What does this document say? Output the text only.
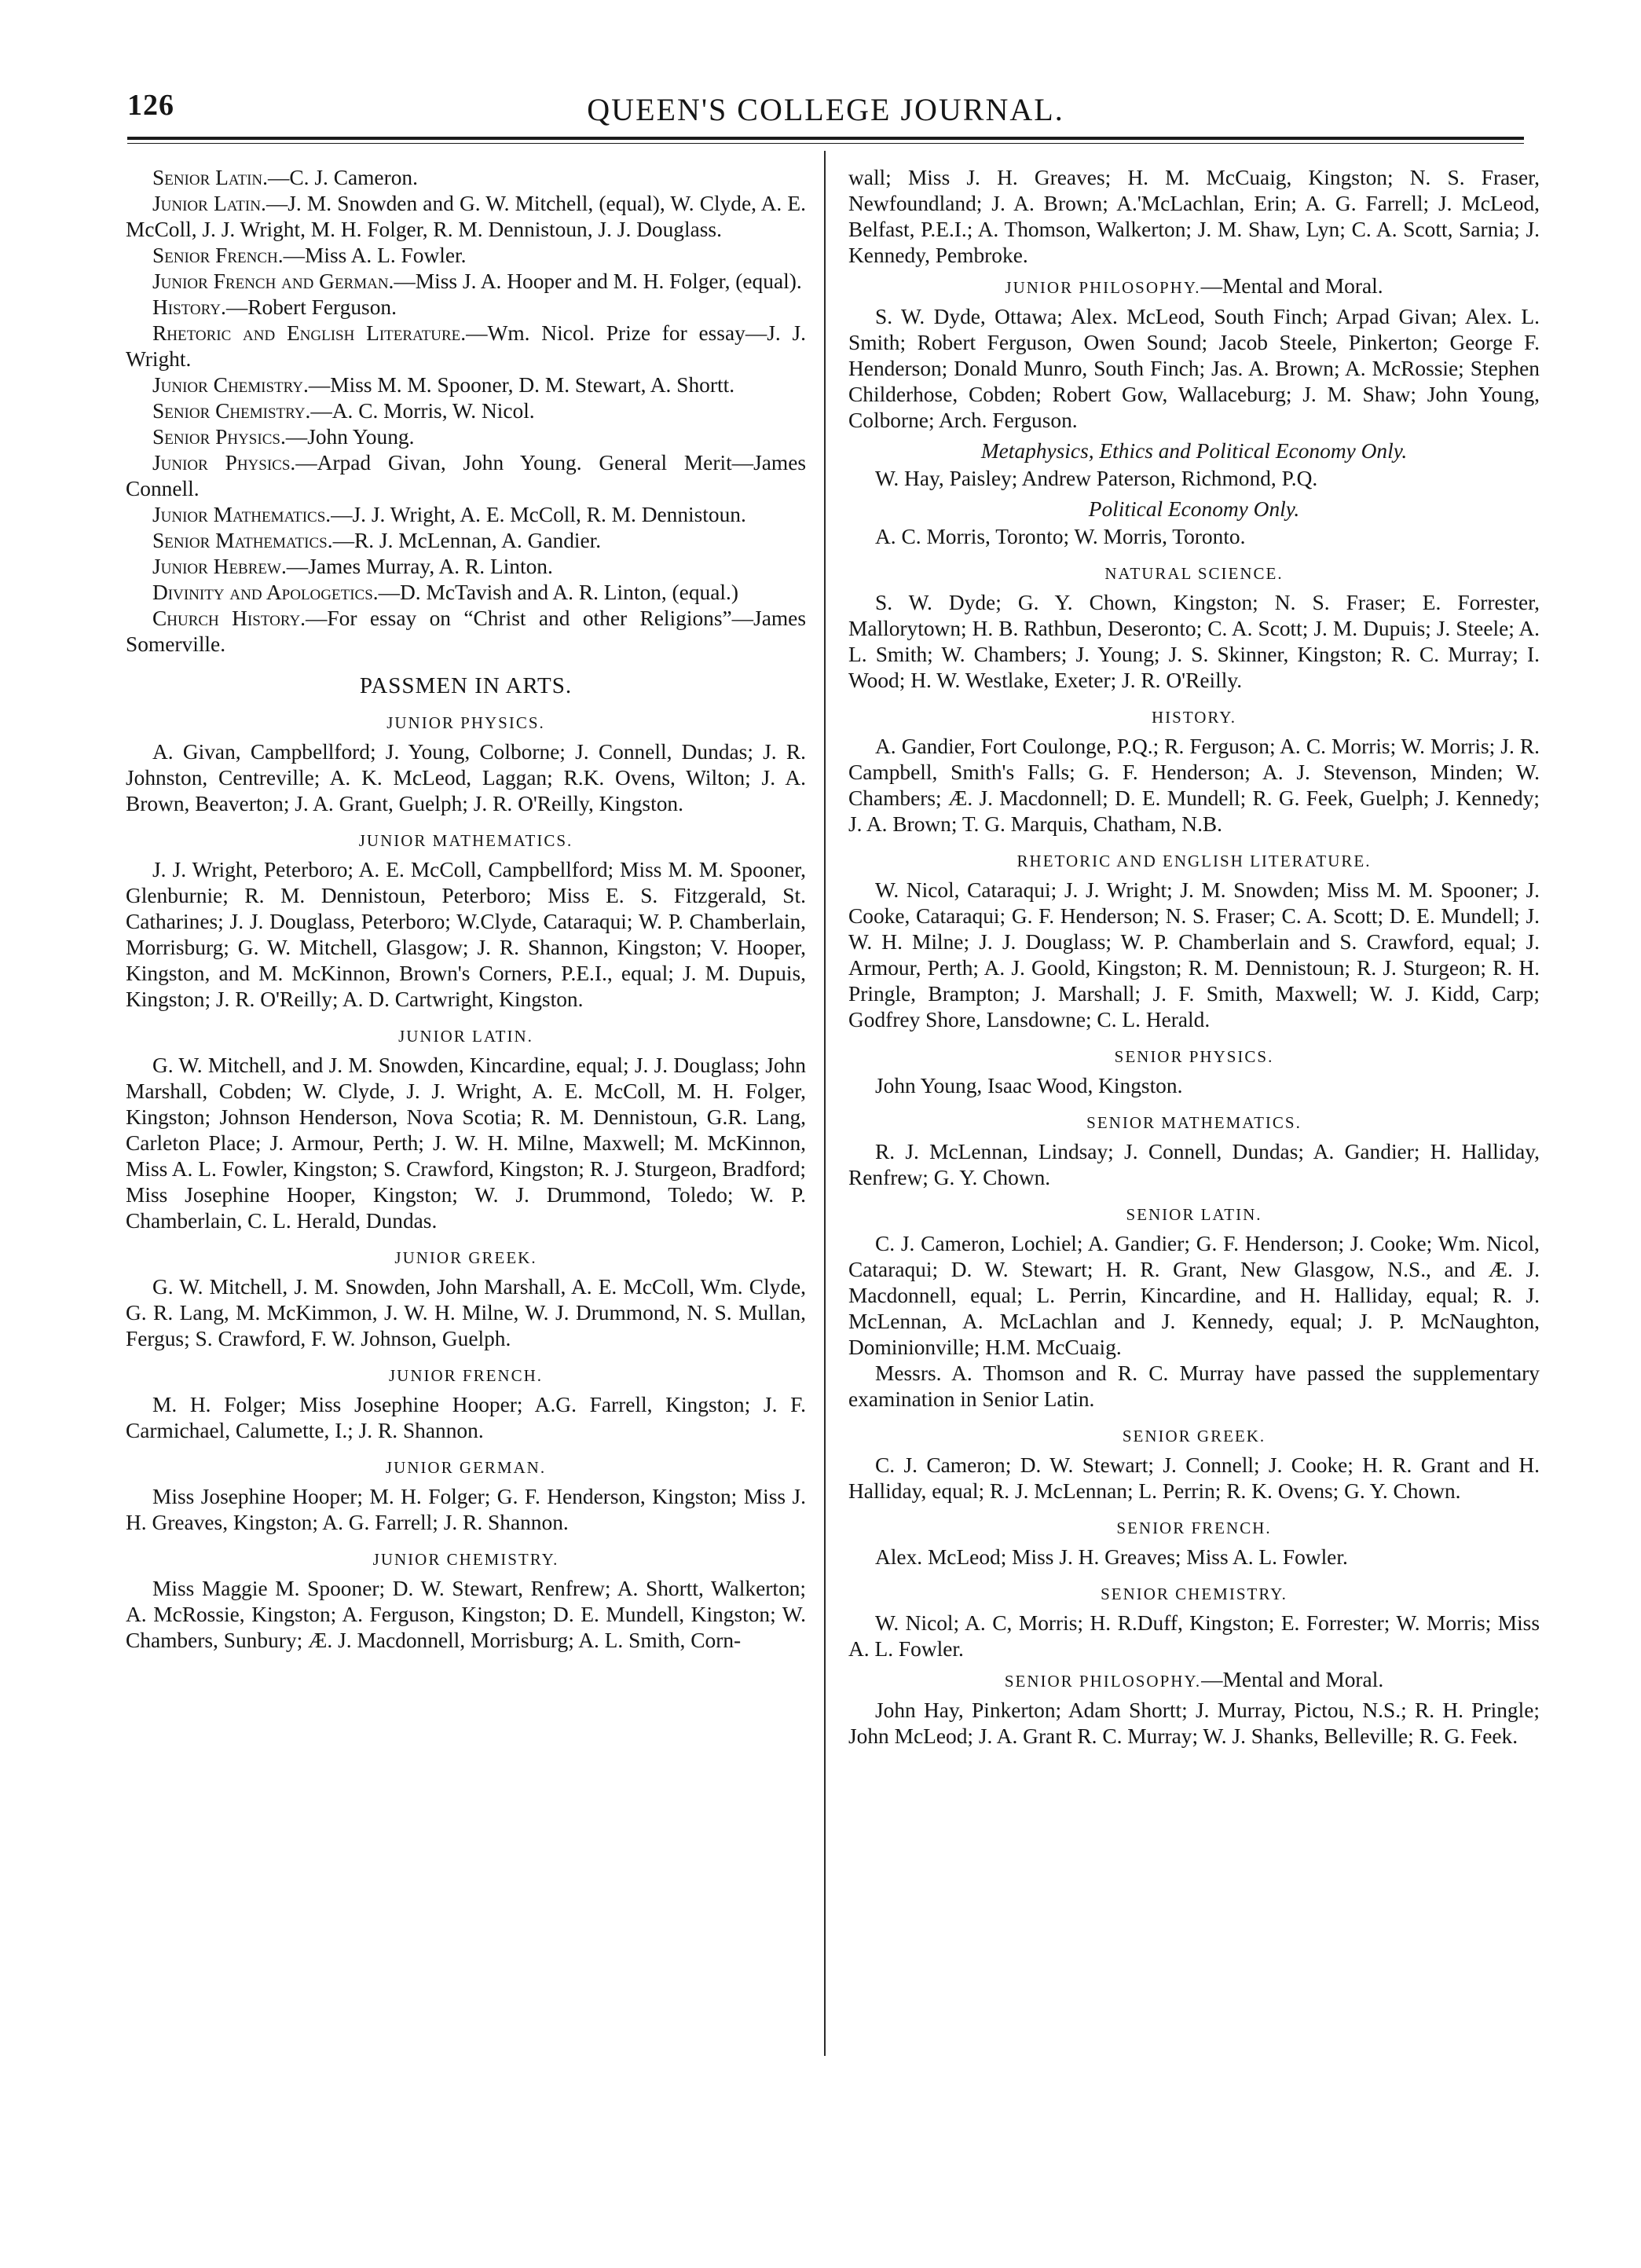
126	QUEEN'S COLLEGE JOURNAL.

Senior Latin.—C. J. Cameron.

Junior Latin.—J. M. Snowden and G. W. Mitchell, (equal), W. Clyde, A. E. McColl, J. J. Wright, M. H. Folger, R. M. Dennistoun, J. J. Douglass.

Senior French.—Miss A. L. Fowler.

Junior French and German.—Miss J. A. Hooper and M. H. Folger, (equal).

History.—Robert Ferguson.

Rhetoric and English Literature.—Wm. Nicol. Prize for essay—J. J. Wright.

Junior Chemistry.—Miss M. M. Spooner, D. M. Stewart, A. Shortt.

Senior Chemistry.—A. C. Morris, W. Nicol.

Senior Physics.—John Young.

Junior Physics.—Arpad Givan, John Young. General Merit—James Connell.

Junior Mathematics.—J. J. Wright, A. E. McColl, R. M. Dennistoun.

Senior Mathematics.—R. J. McLennan, A. Gandier.

Junior Hebrew.—James Murray, A. R. Linton.

Divinity and Apologetics.—D. McTavish and A. R. Linton, (equal.)

Church History.—For essay on “Christ and other Religions”—James Somerville.

PASSMEN IN ARTS.
JUNIOR PHYSICS.

A. Givan, Campbellford; J. Young, Colborne; J. Connell, Dundas; J. R. Johnston, Centreville; A. K. McLeod, Laggan; R.K. Ovens, Wilton; J. A. Brown, Beaverton; J. A. Grant, Guelph; J. R. O'Reilly, Kingston.

JUNIOR MATHEMATICS.

J. J. Wright, Peterboro; A. E. McColl, Campbellford; Miss M. M. Spooner, Glenburnie; R. M. Dennistoun, Peterboro; Miss E. S. Fitzgerald, St. Catharines; J. J. Douglass, Peterboro; W.Clyde, Cataraqui; W. P. Chamberlain, Morrisburg; G. W. Mitchell, Glasgow; J. R. Shannon, Kingston; V. Hooper, Kingston, and M. McKinnon, Brown's Corners, P.E.I., equal; J. M. Dupuis, Kingston; J. R. O'Reilly; A. D. Cartwright, Kingston.

JUNIOR LATIN.

G. W. Mitchell, and J. M. Snowden, Kincardine, equal; J. J. Douglass; John Marshall, Cobden; W. Clyde, J. J. Wright, A. E. McColl, M. H. Folger, Kingston; Johnson Henderson, Nova Scotia; R. M. Dennistoun, G.R. Lang, Carleton Place; J. Armour, Perth; J. W. H. Milne, Maxwell; M. McKinnon, Miss A. L. Fowler, Kingston; S. Crawford, Kingston; R. J. Sturgeon, Bradford; Miss Josephine Hooper, Kingston; W. J. Drummond, Toledo; W. P. Chamberlain, C. L. Herald, Dundas.

JUNIOR GREEK.

G. W. Mitchell, J. M. Snowden, John Marshall, A. E. McColl, Wm. Clyde, G. R. Lang, M. McKimmon, J. W. H. Milne, W. J. Drummond, N. S. Mullan, Fergus; S. Crawford, F. W. Johnson, Guelph.

JUNIOR FRENCH.

M. H. Folger; Miss Josephine Hooper; A.G. Farrell, Kingston; J. F. Carmichael, Calumette, I.; J. R. Shannon.

JUNIOR GERMAN.

Miss Josephine Hooper; M. H. Folger; G. F. Henderson, Kingston; Miss J. H. Greaves, Kingston; A. G. Farrell; J. R. Shannon.

JUNIOR CHEMISTRY.

Miss Maggie M. Spooner; D. W. Stewart, Renfrew; A. Shortt, Walkerton; A. McRossie, Kingston; A. Ferguson, Kingston; D. E. Mundell, Kingston; W. Chambers, Sunbury; Æ. J. Macdonnell, Morrisburg; A. L. Smith, Corn-

wall; Miss J. H. Greaves; H. M. McCuaig, Kingston; N. S. Fraser, Newfoundland; J. A. Brown; A.'McLachlan, Erin; A. G. Farrell; J. McLeod, Belfast, P.E.I.; A. Thomson, Walkerton; J. M. Shaw, Lyn; C. A. Scott, Sarnia; J. Kennedy, Pembroke.

JUNIOR PHILOSOPHY.—Mental and Moral.

S. W. Dyde, Ottawa; Alex. McLeod, South Finch; Arpad Givan; Alex. L. Smith; Robert Ferguson, Owen Sound; Jacob Steele, Pinkerton; George F. Henderson; Donald Munro, South Finch; Jas. A. Brown; A. McRossie; Stephen Childerhose, Cobden; Robert Gow, Wallaceburg; J. M. Shaw; John Young, Colborne; Arch. Ferguson.

Metaphysics, Ethics and Political Economy Only.

W. Hay, Paisley; Andrew Paterson, Richmond, P.Q.

Political Economy Only.

A. C. Morris, Toronto; W. Morris, Toronto.

NATURAL SCIENCE.

S. W. Dyde; G. Y. Chown, Kingston; N. S. Fraser; E. Forrester, Mallorytown; H. B. Rathbun, Deseronto; C. A. Scott; J. M. Dupuis; J. Steele; A. L. Smith; W. Chambers; J. Young; J. S. Skinner, Kingston; R. C. Murray; I. Wood; H. W. Westlake, Exeter; J. R. O'Reilly.

HISTORY.

A. Gandier, Fort Coulonge, P.Q.; R. Ferguson; A. C. Morris; W. Morris; J. R. Campbell, Smith's Falls; G. F. Henderson; A. J. Stevenson, Minden; W. Chambers; Æ. J. Macdonnell; D. E. Mundell; R. G. Feek, Guelph; J. Kennedy; J. A. Brown; T. G. Marquis, Chatham, N.B.

RHETORIC AND ENGLISH LITERATURE.

W. Nicol, Cataraqui; J. J. Wright; J. M. Snowden; Miss M. M. Spooner; J. Cooke, Cataraqui; G. F. Henderson; N. S. Fraser; C. A. Scott; D. E. Mundell; J. W. H. Milne; J. J. Douglass; W. P. Chamberlain and S. Crawford, equal; J. Armour, Perth; A. J. Goold, Kingston; R. M. Dennistoun; R. J. Sturgeon; R. H. Pringle, Brampton; J. Marshall; J. F. Smith, Maxwell; W. J. Kidd, Carp; Godfrey Shore, Lansdowne; C. L. Herald.

SENIOR PHYSICS.

John Young, Isaac Wood, Kingston.

SENIOR MATHEMATICS.

R. J. McLennan, Lindsay; J. Connell, Dundas; A. Gandier; H. Halliday, Renfrew; G. Y. Chown.

SENIOR LATIN.

C. J. Cameron, Lochiel; A. Gandier; G. F. Henderson; J. Cooke; Wm. Nicol, Cataraqui; D. W. Stewart; H. R. Grant, New Glasgow, N.S., and Æ. J. Macdonnell, equal; L. Perrin, Kincardine, and H. Halliday, equal; R. J. McLennan, A. McLachlan and J. Kennedy, equal; J. P. McNaughton, Dominionville; H.M. McCuaig.

Messrs. A. Thomson and R. C. Murray have passed the supplementary examination in Senior Latin.

SENIOR GREEK.

C. J. Cameron; D. W. Stewart; J. Connell; J. Cooke; H. R. Grant and H. Halliday, equal; R. J. McLennan; L. Perrin; R. K. Ovens; G. Y. Chown.

SENIOR FRENCH.

Alex. McLeod; Miss J. H. Greaves; Miss A. L. Fowler.

SENIOR CHEMISTRY.

W. Nicol; A. C, Morris; H. R.Duff, Kingston; E. Forrester; W. Morris; Miss A. L. Fowler.

SENIOR PHILOSOPHY.—Mental and Moral.

John Hay, Pinkerton; Adam Shortt; J. Murray, Pictou, N.S.; R. H. Pringle; John McLeod; J. A. Grant R. C. Murray; W. J. Shanks, Belleville; R. G. Feek.
